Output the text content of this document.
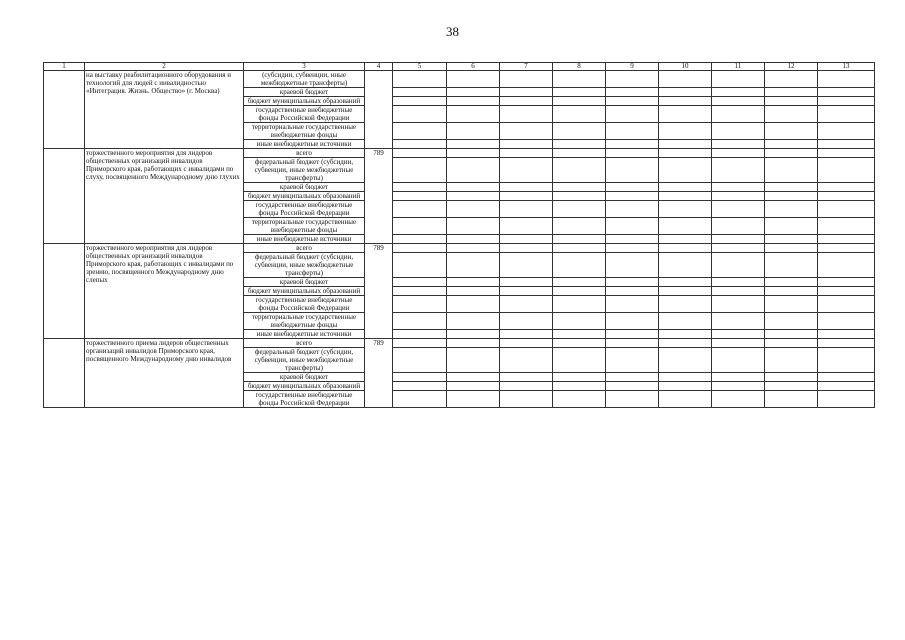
38
1	2	3	4	5	6	7	8	9	10	11	12	13
	на выставку реабилитационного оборудования и технологий для людей с инвалидностью «Интеграция. Жизнь. Общество» (г. Москва)	(субсидии, субвенции, иные межбюджетные трансферты)										
		краевой бюджет										
		бюджет муниципальных образований										
		государственные внебюджетные фонды Российской Федерации										
		территориальные государственные внебюджетные фонды										
		иные внебюджетные источники										
	торжественного мероприятия для лидеров общественных организаций инвалидов Приморского края, работающих с инвалидами по слуху, посвященного Международному дню глухих	всего	789									
		федеральный бюджет (субсидии, субвенции, иные межбюджетные трансферты)										
		краевой бюджет										
		бюджет муниципальных образований										
		государственные внебюджетные фонды Российской Федерации										
		территориальные государственные внебюджетные фонды										
		иные внебюджетные источники										
	торжественного мероприятия для лидеров общественных организаций инвалидов Приморского края, работающих с инвалидами по зрению, посвященного Международному дню слепых	всего	789									
		федеральный бюджет (субсидии, субвенции, иные межбюджетные трансферты)										
		краевой бюджет										
		бюджет муниципальных образований										
		государственные внебюджетные фонды Российской Федерации										
		территориальные государственные внебюджетные фонды										
		иные внебюджетные источники										
	торжественного приема лидеров общественных организаций инвалидов Приморского края, посвященного Международному дню инвалидов	всего	789									
		федеральный бюджет (субсидии, субвенции, иные межбюджетные трансферты)										
		краевой бюджет										
		бюджет муниципальных образований										
		государственные внебюджетные фонды Российской Федерации										
